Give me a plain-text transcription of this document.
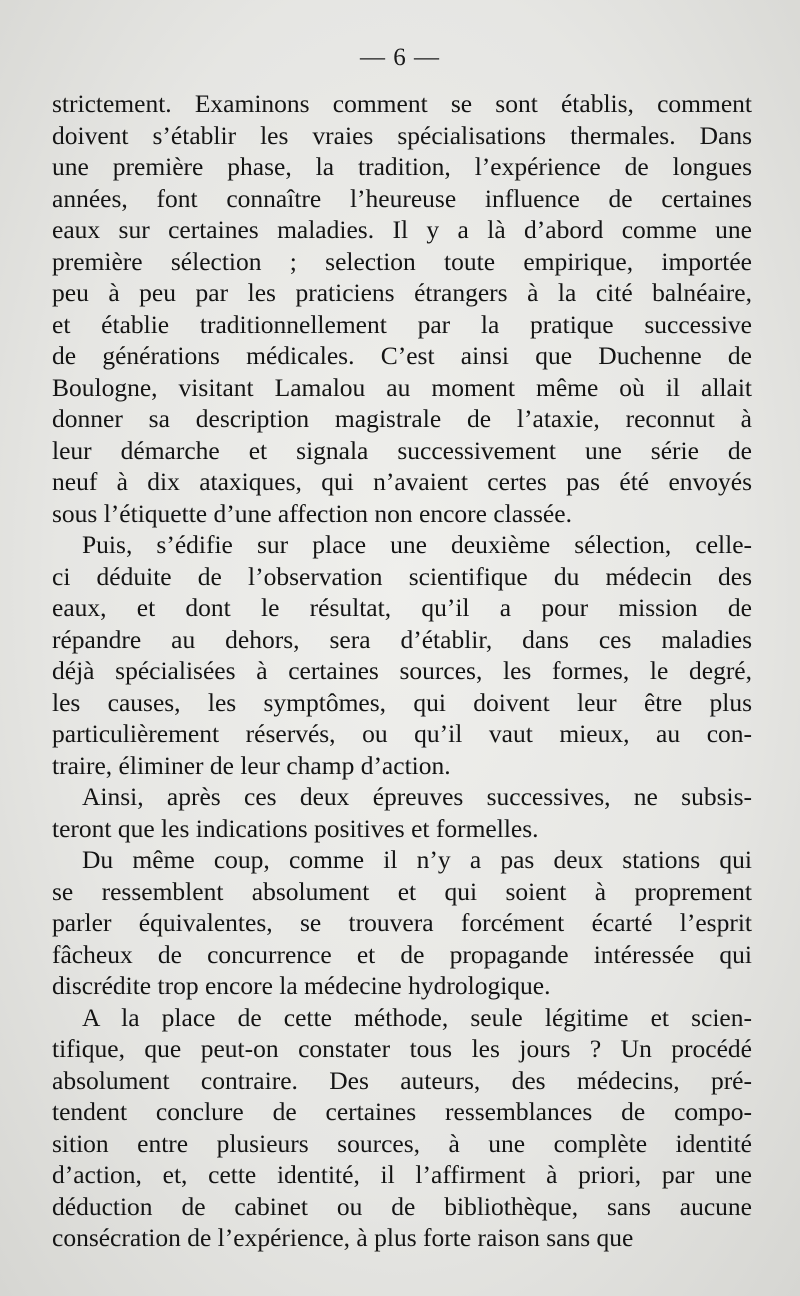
— 6 —
strictement. Examinons comment se sont établis, comment
doivent s’établir les vraies spécialisations thermales. Dans
une première phase, la tradition, l’expérience de longues
années, font connaître l’heureuse influence de certaines
eaux sur certaines maladies. Il y a là d’abord comme une
première sélection ; selection toute empirique, importée
peu à peu par les praticiens étrangers à la cité balnéaire,
et établie traditionnellement par la pratique successive
de générations médicales. C’est ainsi que Duchenne de
Boulogne, visitant Lamalou au moment même où il allait
donner sa description magistrale de l’ataxie, reconnut à
leur démarche et signala successivement une série de
neuf à dix ataxiques, qui n’avaient certes pas été envoyés
sous l’étiquette d’une affection non encore classée.
Puis, s’édifie sur place une deuxième sélection, celle-
ci déduite de l’observation scientifique du médecin des
eaux, et dont le résultat, qu’il a pour mission de
répandre au dehors, sera d’établir, dans ces maladies
déjà spécialisées à certaines sources, les formes, le degré,
les causes, les symptômes, qui doivent leur être plus
particulièrement réservés, ou qu’il vaut mieux, au con-
traire, éliminer de leur champ d’action.
Ainsi, après ces deux épreuves successives, ne subsis-
teront que les indications positives et formelles.
Du même coup, comme il n’y a pas deux stations qui
se ressemblent absolument et qui soient à proprement
parler équivalentes, se trouvera forcément écarté l’esprit
fâcheux de concurrence et de propagande intéressée qui
discrédite trop encore la médecine hydrologique.
A la place de cette méthode, seule légitime et scien-
tifique, que peut-on constater tous les jours ? Un procédé
absolument contraire. Des auteurs, des médecins, pré-
tendent conclure de certaines ressemblances de compo-
sition entre plusieurs sources, à une complète identité
d’action, et, cette identité, il l’affirment à priori, par une
déduction de cabinet ou de bibliothèque, sans aucune
consécration de l’expérience, à plus forte raison sans que
